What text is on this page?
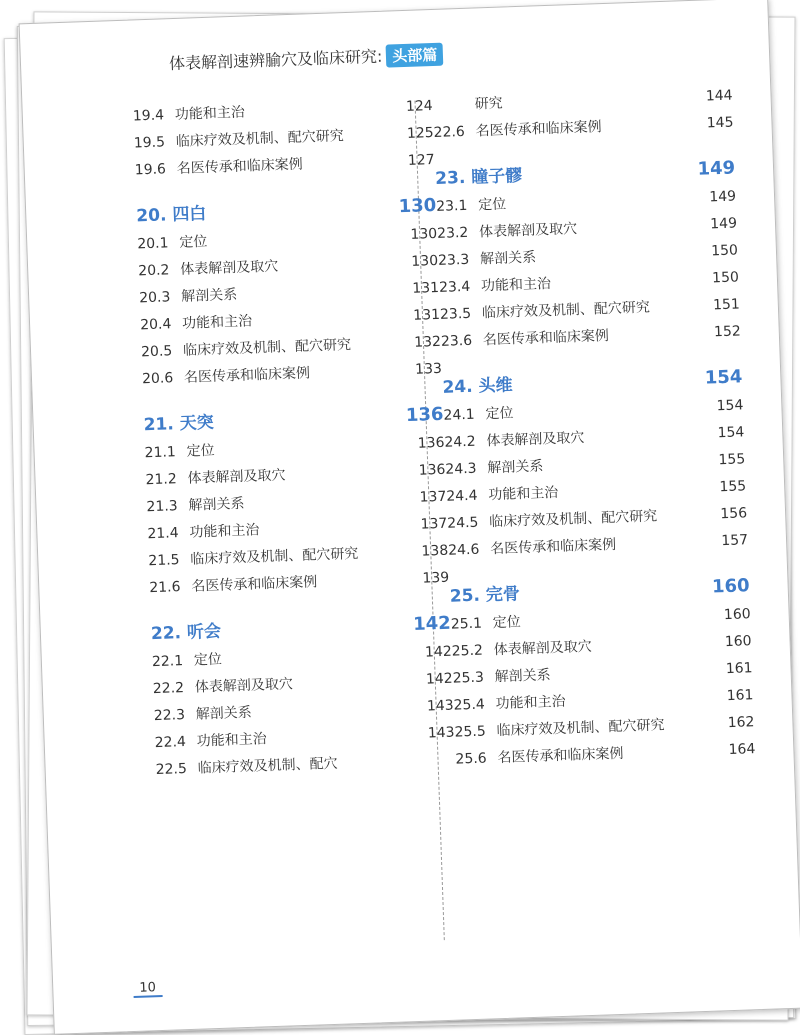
体表解剖速辨腧穴及临床研究: 头部篇
19.4 功能和主治	124
19.5 临床疗效及机制、配穴研究	125
19.6 名医传承和临床案例	127
20. 四白	130
20.1 定位	130
20.2 体表解剖及取穴	130
20.3 解剖关系	131
20.4 功能和主治	131
20.5 临床疗效及机制、配穴研究	132
20.6 名医传承和临床案例	133
21. 天突	136
21.1 定位	136
21.2 体表解剖及取穴	136
21.3 解剖关系	137
21.4 功能和主治	137
21.5 临床疗效及机制、配穴研究	138
21.6 名医传承和临床案例	139
22. 听会	142
22.1 定位	142
22.2 体表解剖及取穴	142
22.3 解剖关系	143
22.4 功能和主治	143
22.5 临床疗效及机制、配穴
研究	144
22.6 名医传承和临床案例	145
23. 瞳子髎	149
23.1 定位	149
23.2 体表解剖及取穴	149
23.3 解剖关系	150
23.4 功能和主治	150
23.5 临床疗效及机制、配穴研究	151
23.6 名医传承和临床案例	152
24. 头维	154
24.1 定位	154
24.2 体表解剖及取穴	154
24.3 解剖关系	155
24.4 功能和主治	155
24.5 临床疗效及机制、配穴研究	156
24.6 名医传承和临床案例	157
25. 完骨	160
25.1 定位	160
25.2 体表解剖及取穴	160
25.3 解剖关系	161
25.4 功能和主治	161
25.5 临床疗效及机制、配穴研究	162
25.6 名医传承和临床案例	164
10
